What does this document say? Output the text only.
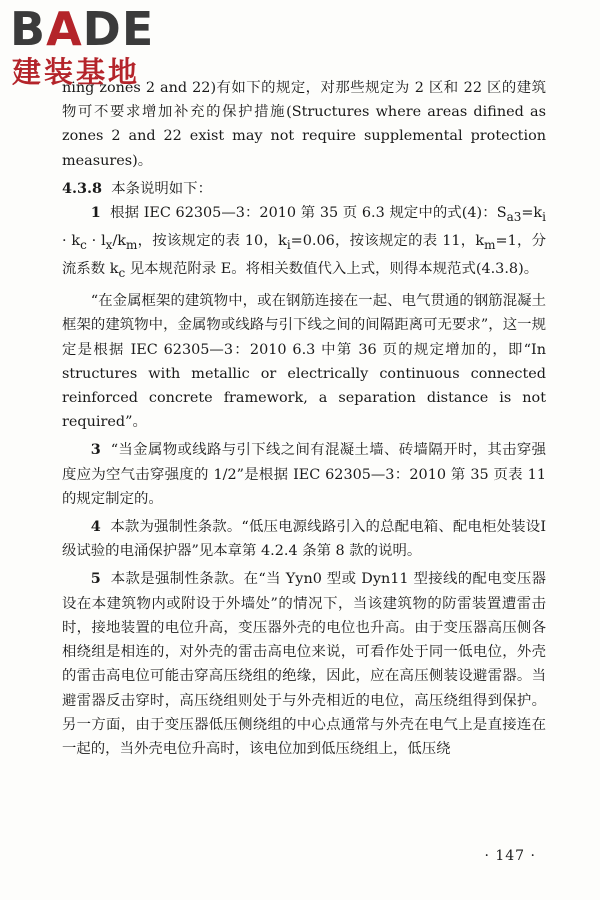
BADE
建装基地

ning zones 2 and 22)有如下的规定，对那些规定为 2 区和 22 区的建筑物可不要求增加补充的保护措施(Structures where areas difined as zones 2 and 22 exist may not require supplemental protection measures)。

4.3.8 本条说明如下：

1 根据 IEC 62305—3：2010 第 35 页 6.3 规定中的式(4)：$S_{a3}=k_i \cdot k_c \cdot l_x/k_m$，按该规定的表 10，$k_i=0.06$，按该规定的表 11，$k_m=1$，分流系数 $k_c$ 见本规范附录 E。将相关数值代入上式，则得本规范式(4.3.8)。

“在金属框架的建筑物中，或在钢筋连接在一起、电气贯通的钢筋混凝土框架的建筑物中，金属物或线路与引下线之间的间隔距离可无要求”，这一规定是根据 IEC 62305—3：2010 6.3 中第 36 页的规定增加的，即“In structures with metallic or electrically continuous connected reinforced concrete framework, a separation distance is not required”。

3 “当金属物或线路与引下线之间有混凝土墙、砖墙隔开时，其击穿强度应为空气击穿强度的 1/2”是根据 IEC 62305—3：2010 第 35 页表 11 的规定制定的。

4 本款为强制性条款。“低压电源线路引入的总配电箱、配电柜处装设Ⅰ级试验的电涌保护器”见本章第 4.2.4 条第 8 款的说明。

5 本款是强制性条款。在“当 Yyn0 型或 Dyn11 型接线的配电变压器设在本建筑物内或附设于外墙处”的情况下，当该建筑物的防雷装置遭雷击时，接地装置的电位升高，变压器外壳的电位也升高。由于变压器高压侧各相绕组是相连的，对外壳的雷击高电位来说，可看作处于同一低电位，外壳的雷击高电位可能击穿高压绕组的绝缘，因此，应在高压侧装设避雷器。当避雷器反击穿时，高压绕组则处于与外壳相近的电位，高压绕组得到保护。另一方面，由于变压器低压侧绕组的中心点通常与外壳在电气上是直接连在一起的，当外壳电位升高时，该电位加到低压绕组上，低压绕

· 147 ·
